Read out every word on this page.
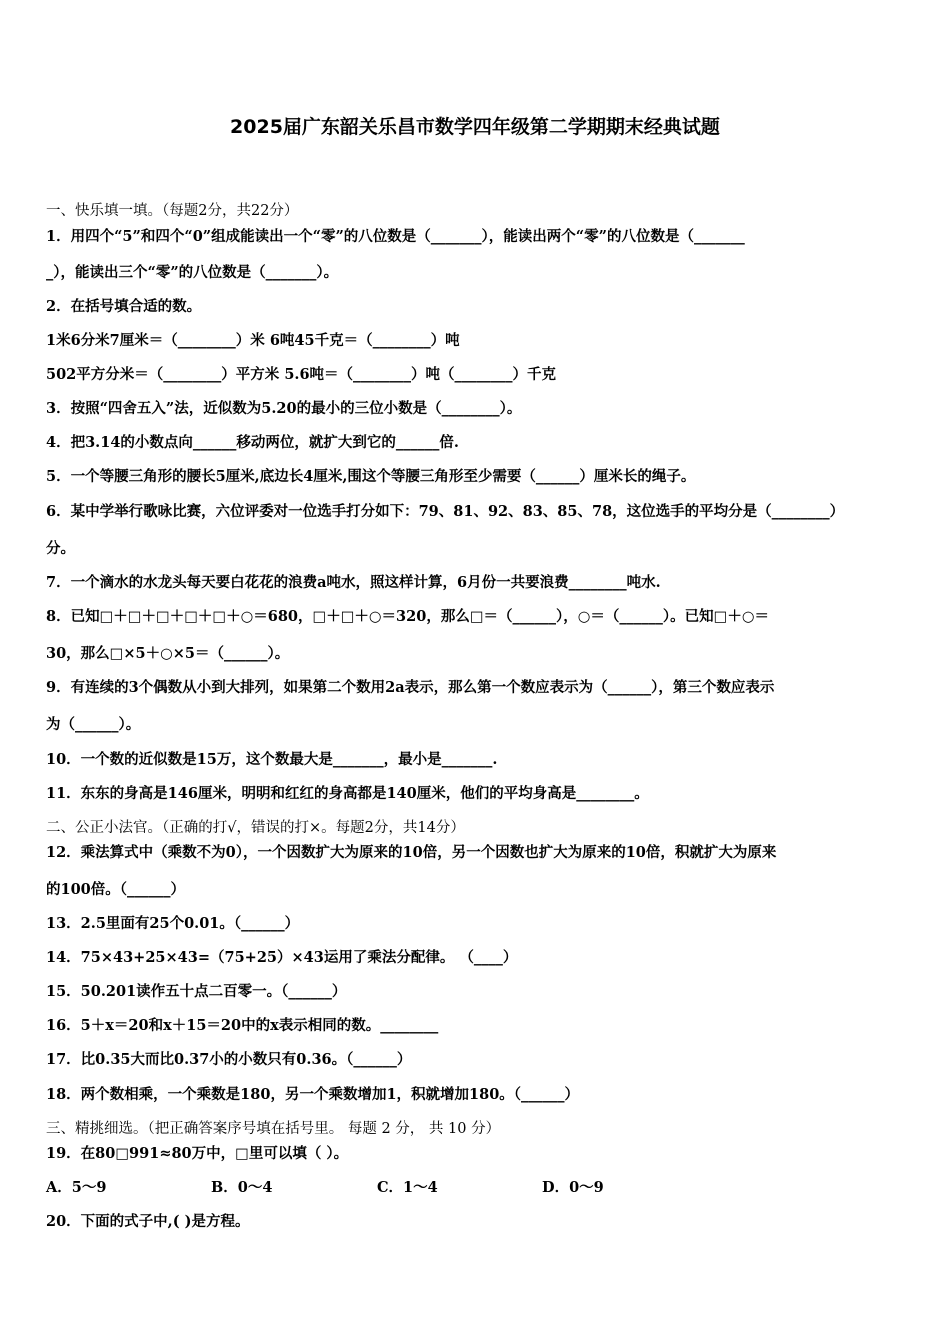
2025届广东韶关乐昌市数学四年级第二学期期末经典试题
一、快乐填一填。（每题2分，共22分）
1．用四个“5”和四个“0”组成能读出一个“零”的八位数是（_______），能读出两个“零”的八位数是（_______
_），能读出三个“零”的八位数是（_______）。
2．在括号填合适的数。
1米6分米7厘米＝（________）米 6吨45千克＝（________）吨
502平方分米＝（________）平方米 5.6吨＝（________）吨（________）千克
3．按照“四舍五入”法，近似数为5.20的最小的三位小数是（________）。
4．把3.14的小数点向______移动两位，就扩大到它的______倍.
5．一个等腰三角形的腰长5厘米,底边长4厘米,围这个等腰三角形至少需要（______）厘米长的绳子。
6．某中学举行歌咏比赛，六位评委对一位选手打分如下：79、81、92、83、85、78，这位选手的平均分是（________）
分。
7．一个滴水的水龙头每天要白花花的浪费a吨水，照这样计算，6月份一共要浪费________吨水.
8．已知□＋□＋□＋□＋□＋○＝680，□＋□＋○＝320，那么□＝（______），○＝（______）。已知□＋○＝
30，那么□×5＋○×5＝（______）。
9．有连续的3个偶数从小到大排列，如果第二个数用2a表示，那么第一个数应表示为（______），第三个数应表示
为（______）。
10．一个数的近似数是15万，这个数最大是_______，最小是_______.
11．东东的身高是146厘米，明明和红红的身高都是140厘米，他们的平均身高是________。
二、公正小法官。（正确的打√，错误的打×。每题2分，共14分）
12．乘法算式中（乘数不为0），一个因数扩大为原来的10倍，另一个因数也扩大为原来的10倍，积就扩大为原来
的100倍。（______）
13．2.5里面有25个0.01。（______）
14．75×43+25×43=（75+25）×43运用了乘法分配律。 （____）
15．50.201读作五十点二百零一。（______）
16．5＋x＝20和x＋15＝20中的x表示相同的数。________
17．比0.35大而比0.37小的小数只有0.36。（______）
18．两个数相乘，一个乘数是180，另一个乘数增加1，积就增加180。（______）
三、精挑细选。（把正确答案序号填在括号里。 每题 2 分， 共 10 分）
19．在80□991≈80万中，□里可以填（ ）。
A．5～9	B．0～4	C．1～4	D．0～9
20．下面的式子中,( )是方程。
